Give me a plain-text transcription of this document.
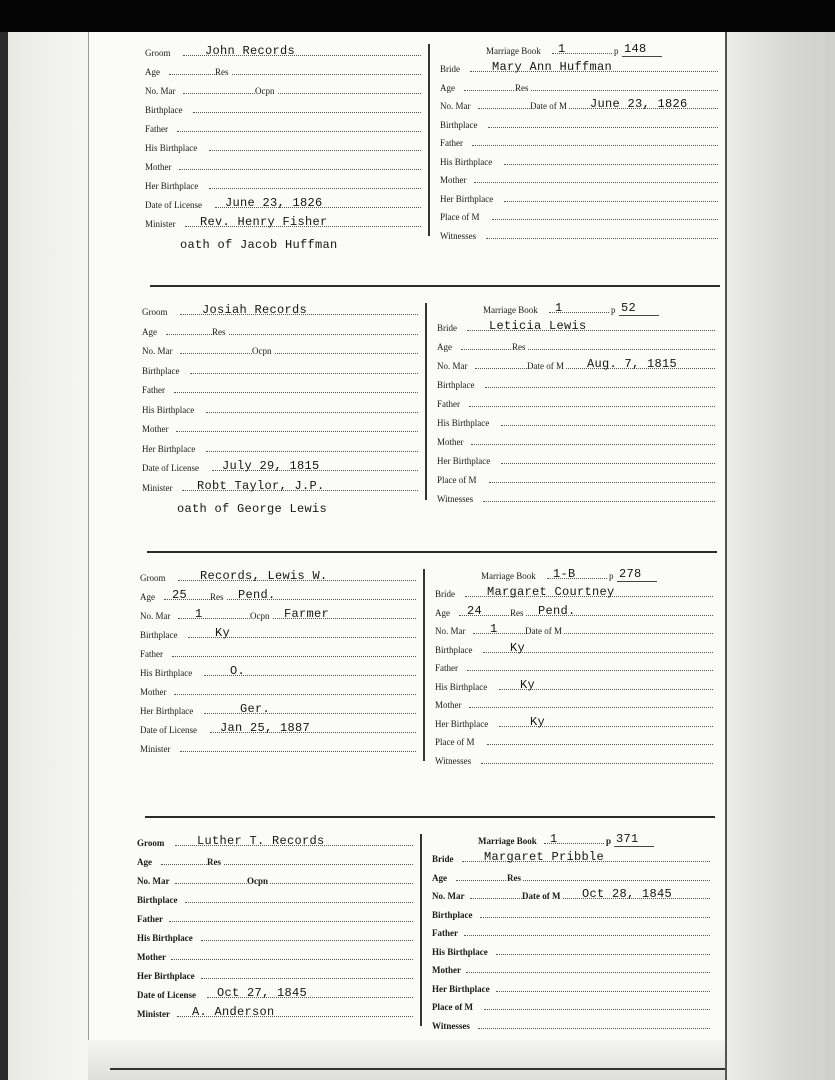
Groom	John Records
Age	Res
No. Mar	Ocpn
Birthplace
Father
His Birthplace
Mother
Her Birthplace
Date of License June 23, 1826
Minister Rev. Henry Fisher
oath of Jacob Huffman
Marriage Book 1	p 148
Bride	Mary Ann Huffman
Age	Res
No. Mar	Date of M June 23, 1826
Birthplace
Father
His Birthplace
Mother
Her Birthplace
Place of M
Witnesses
Groom	Josiah Records
Age	Res
No. Mar	Ocpn
Birthplace
Father
His Birthplace
Mother
Her Birthplace
Date of License July 29, 1815
Minister Robt Taylor, J.P.
oath of George Lewis
Marriage Book 1	p 52
Bride	Leticia Lewis
Age	Res
No. Mar	Date of M Aug. 7, 1815
Birthplace
Father
His Birthplace
Mother
Her Birthplace
Place of M
Witnesses
Groom	Records, Lewis W.
Age 25	Res Pend.
No. Mar 1	Ocpn Farmer
Birthplace	Ky
Father
His Birthplace	O.
Mother
Her Birthplace	Ger.
Date of License Jan 25, 1887
Minister
Marriage Book 1-B	p 278
Bride	Margaret Courtney
Age 24	Res Pend.
No. Mar 1	Date of M
Birthplace	Ky
Father
His Birthplace	Ky
Mother
Her Birthplace	Ky
Place of M
Witnesses
Groom	Luther T. Records
Age	Res
No. Mar	Ocpn
Birthplace
Father
His Birthplace
Mother
Her Birthplace
Date of License Oct 27, 1845
Minister A. Anderson
Marriage Book 1	p 371
Bride	Margaret Pribble
Age	Res
No. Mar	Date of M Oct 28, 1845
Birthplace
Father
His Birthplace
Mother
Her Birthplace
Place of M
Witnesses
